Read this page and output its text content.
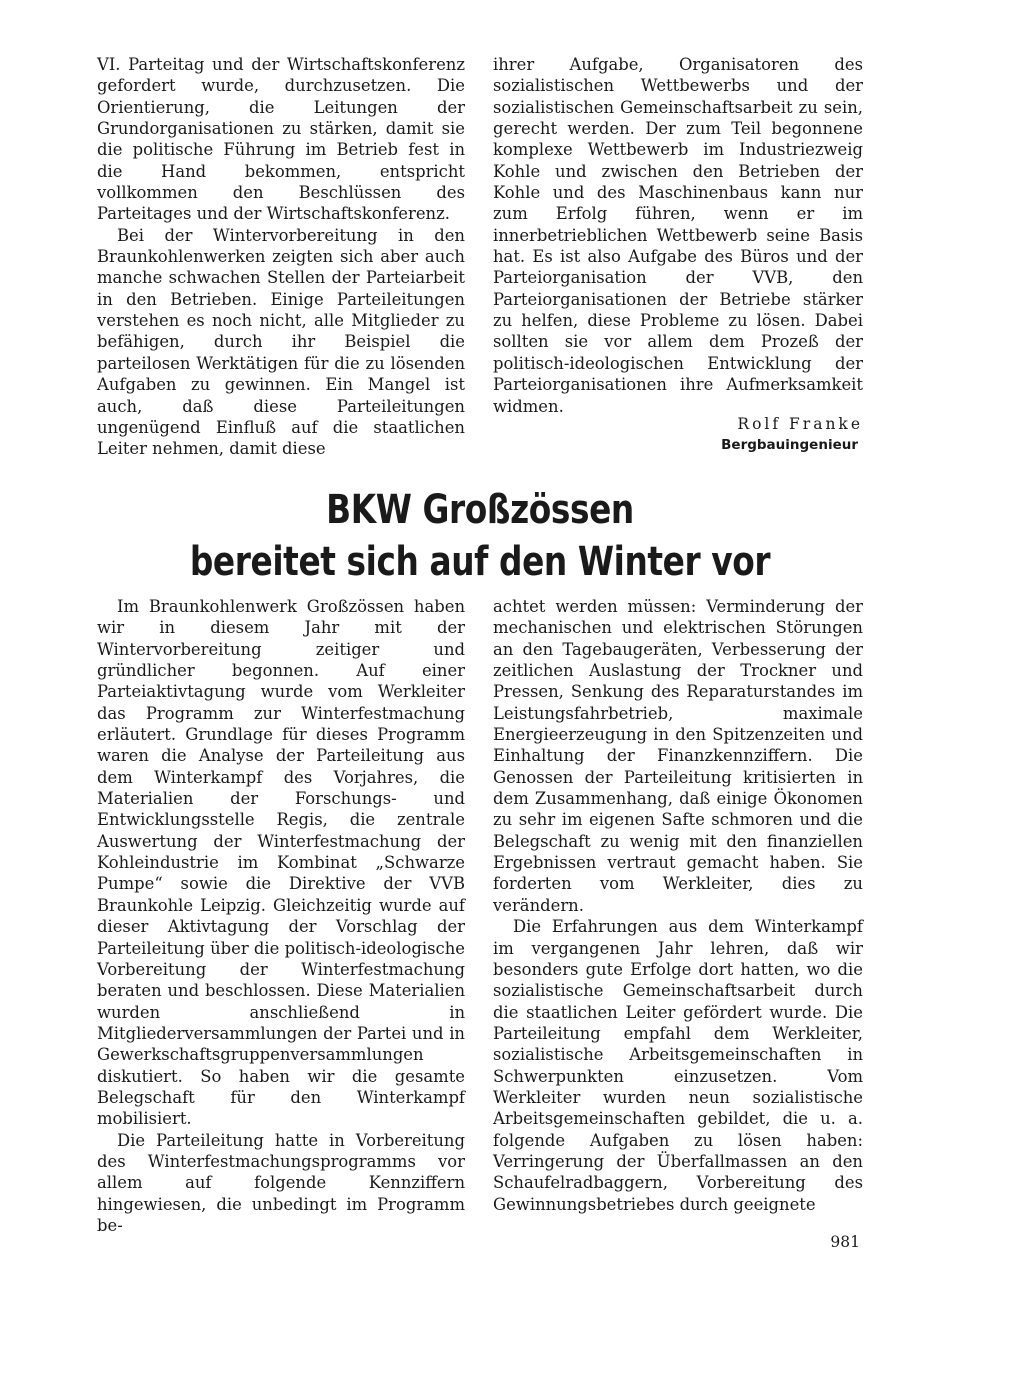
VI. Parteitag und der Wirtschaftskonferenz gefordert wurde, durchzusetzen. Die Orientierung, die Leitungen der Grundorganisationen zu stärken, damit sie die politische Führung im Betrieb fest in die Hand bekommen, entspricht vollkommen den Beschlüssen des Parteitages und der Wirtschaftskonferenz.

Bei der Wintervorbereitung in den Braunkohlenwerken zeigten sich aber auch manche schwachen Stellen der Parteiarbeit in den Betrieben. Einige Parteileitungen verstehen es noch nicht, alle Mitglieder zu befähigen, durch ihr Beispiel die parteilosen Werktätigen für die zu lösenden Aufgaben zu gewinnen. Ein Mangel ist auch, daß diese Parteileitungen ungenügend Einfluß auf die staatlichen Leiter nehmen, damit diese

ihrer Aufgabe, Organisatoren des sozialistischen Wettbewerbs und der sozialistischen Gemeinschaftsarbeit zu sein, gerecht werden. Der zum Teil begonnene komplexe Wettbewerb im Industriezweig Kohle und zwischen den Betrieben der Kohle und des Maschinenbaus kann nur zum Erfolg führen, wenn er im innerbetrieblichen Wettbewerb seine Basis hat. Es ist also Aufgabe des Büros und der Parteiorganisation der VVB, den Parteiorganisationen der Betriebe stärker zu helfen, diese Probleme zu lösen. Dabei sollten sie vor allem dem Prozeß der politisch-ideologischen Entwicklung der Parteiorganisationen ihre Aufmerksamkeit widmen.

Rolf Franke
Bergbauingenieur
BKW Großzössen
bereitet sich auf den Winter vor

Im Braunkohlenwerk Großzössen haben wir in diesem Jahr mit der Wintervorbereitung zeitiger und gründlicher begonnen. Auf einer Parteiaktivtagung wurde vom Werkleiter das Programm zur Winterfestmachung erläutert. Grundlage für dieses Programm waren die Analyse der Parteileitung aus dem Winterkampf des Vorjahres, die Materialien der Forschungs- und Entwicklungsstelle Regis, die zentrale Auswertung der Winterfestmachung der Kohleindustrie im Kombinat „Schwarze Pumpe“ sowie die Direktive der VVB Braunkohle Leipzig. Gleichzeitig wurde auf dieser Aktivtagung der Vorschlag der Parteileitung über die politisch-ideologische Vorbereitung der Winterfestmachung beraten und beschlossen. Diese Materialien wurden anschließend in Mitgliederversammlungen der Partei und in Gewerkschaftsgruppenversammlungen diskutiert. So haben wir die gesamte Belegschaft für den Winterkampf mobilisiert.

Die Parteileitung hatte in Vorbereitung des Winterfestmachungsprogramms vor allem auf folgende Kennziffern hingewiesen, die unbedingt im Programm be-

achtet werden müssen: Verminderung der mechanischen und elektrischen Störungen an den Tagebaugeräten, Verbesserung der zeitlichen Auslastung der Trockner und Pressen, Senkung des Reparaturstandes im Leistungsfahrbetrieb, maximale Energieerzeugung in den Spitzenzeiten und Einhaltung der Finanzkennziffern. Die Genossen der Parteileitung kritisierten in dem Zusammenhang, daß einige Ökonomen zu sehr im eigenen Safte schmoren und die Belegschaft zu wenig mit den finanziellen Ergebnissen vertraut gemacht haben. Sie forderten vom Werkleiter, dies zu verändern.

Die Erfahrungen aus dem Winterkampf im vergangenen Jahr lehren, daß wir besonders gute Erfolge dort hatten, wo die sozialistische Gemeinschaftsarbeit durch die staatlichen Leiter gefördert wurde. Die Parteileitung empfahl dem Werkleiter, sozialistische Arbeitsgemeinschaften in Schwerpunkten einzusetzen. Vom Werkleiter wurden neun sozialistische Arbeitsgemeinschaften gebildet, die u. a. folgende Aufgaben zu lösen haben: Verringerung der Überfallmassen an den Schaufelradbaggern, Vorbereitung des Gewinnungsbetriebes durch geeignete

981
